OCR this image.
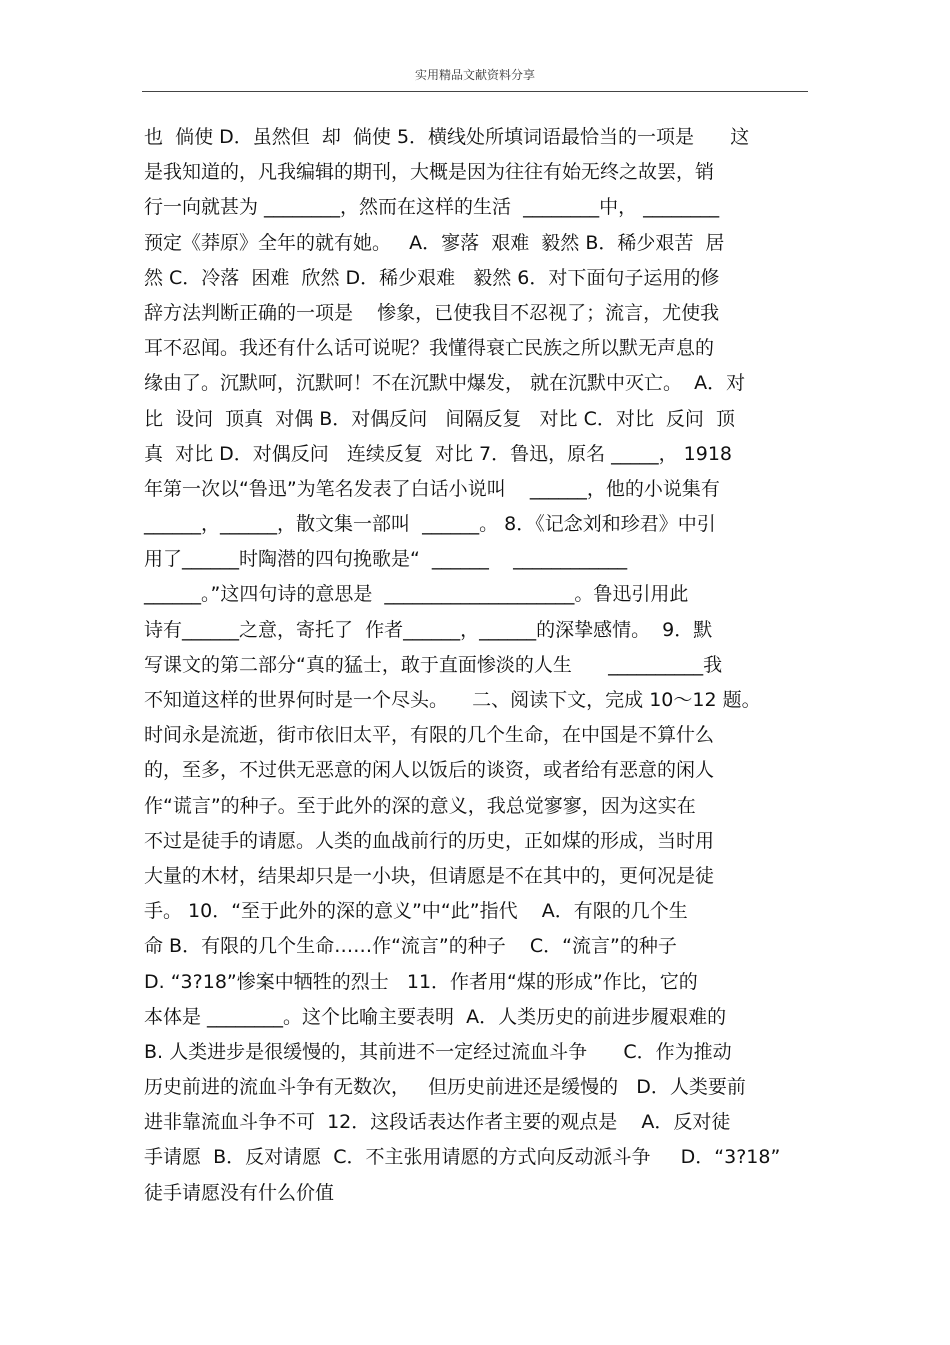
实用精品文献资料分享
也  倘使 D．虽然但  却  倘使 5．横线处所填词语最恰当的一项是      这
是我知道的，凡我编辑的期刊，大概是因为往往有始无终之故罢，销
行一向就甚为 ________，然而在这样的生活  ________中， ________
预定《莽原》全年的就有她。   A．寥落  艰难  毅然 B．稀少艰苦  居
然 C．冷落  困难  欣然 D．稀少艰难   毅然 6．对下面句子运用的修
辞方法判断正确的一项是    惨象，已使我目不忍视了；流言，尤使我
耳不忍闻。我还有什么话可说呢？我懂得衰亡民族之所以默无声息的
缘由了。沉默呵，沉默呵！不在沉默中爆发， 就在沉默中灭亡。  A．对
比  设问  顶真  对偶 B．对偶反问   间隔反复   对比 C．对比  反问  顶
真  对比 D．对偶反问   连续反复  对比 7．鲁迅，原名 _____， 1918
年第一次以“鲁迅”为笔名发表了白话小说叫    ______，他的小说集有
______，______，散文集一部叫  ______。 8．《记念刘和珍君》中引
用了______时陶潜的四句挽歌是“  ______    ____________
______。”这四句诗的意思是  ____________________。鲁迅引用此
诗有______之意，寄托了  作者______，______的深挚感情。  9．默
写课文的第二部分“真的猛士，敢于直面惨淡的人生      __________我
不知道这样的世界何时是一个尽头。    二、阅读下文，完成 10～12 题。
时间永是流逝，街市依旧太平，有限的几个生命，在中国是不算什么
的，至多，不过供无恶意的闲人以饭后的谈资，或者给有恶意的闲人
作“谎言”的种子。至于此外的深的意义，我总觉寥寥，因为这实在
不过是徒手的请愿。人类的血战前行的历史，正如煤的形成，当时用
大量的木材，结果却只是一小块，但请愿是不在其中的，更何况是徒
手。 10．“至于此外的深的意义”中“此”指代    A．有限的几个生
命 B．有限的几个生命……作“流言”的种子    C．“流言”的种子
D. “3?18”惨案中牺牲的烈士   11．作者用“煤的形成”作比，它的
本体是 ________。这个比喻主要表明  A．人类历史的前进步履艰难的
B. 人类进步是很缓慢的，其前进不一定经过流血斗争      C．作为推动
历史前进的流血斗争有无数次，   但历史前进还是缓慢的   D．人类要前
进非靠流血斗争不可  12．这段话表达作者主要的观点是    A．反对徒
手请愿  B．反对请愿  C．不主张用请愿的方式向反动派斗争     D．“3?18”
徒手请愿没有什么价值
